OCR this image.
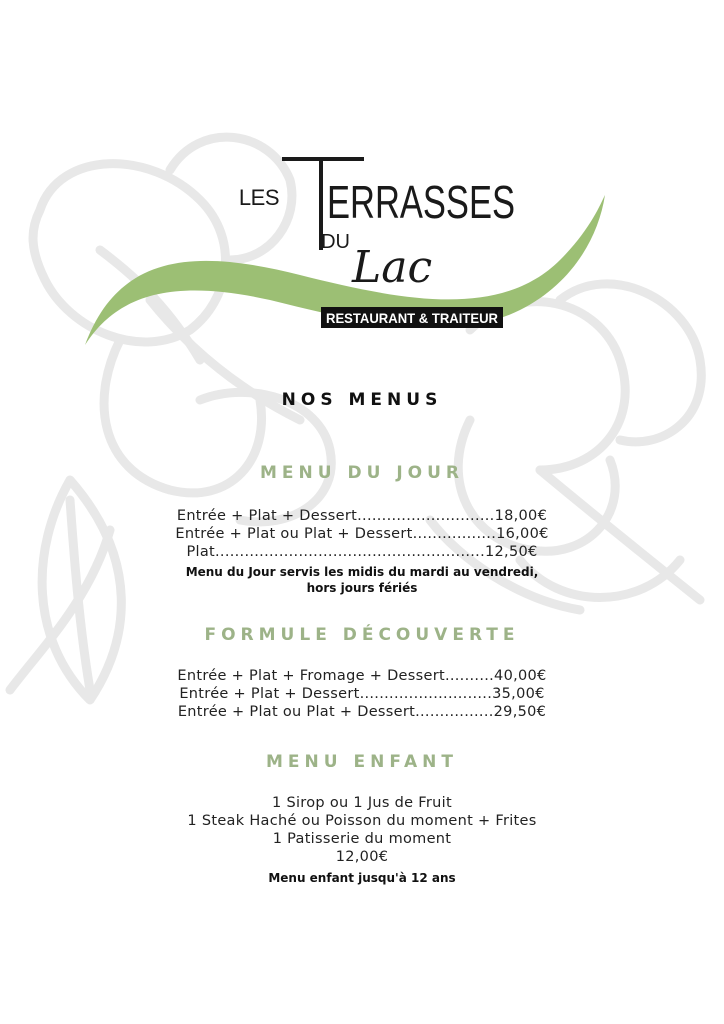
LES ERRASSES
DU Lac
RESTAURANT & TRAITEUR
NOS MENUS
MENU DU JOUR
Entrée + Plat + Dessert............................18,00€
Entrée + Plat ou Plat + Dessert.................16,00€
Plat.......................................................12,50€
Menu du Jour servis les midis du mardi au vendredi,
hors jours fériés
FORMULE DÉCOUVERTE
Entrée + Plat + Fromage + Dessert..........40,00€
Entrée + Plat + Dessert...........................35,00€
Entrée + Plat ou Plat + Dessert................29,50€
MENU ENFANT
1 Sirop ou 1 Jus de Fruit
1 Steak Haché ou Poisson du moment + Frites
1 Patisserie du moment
12,00€
Menu enfant jusqu'à 12 ans
